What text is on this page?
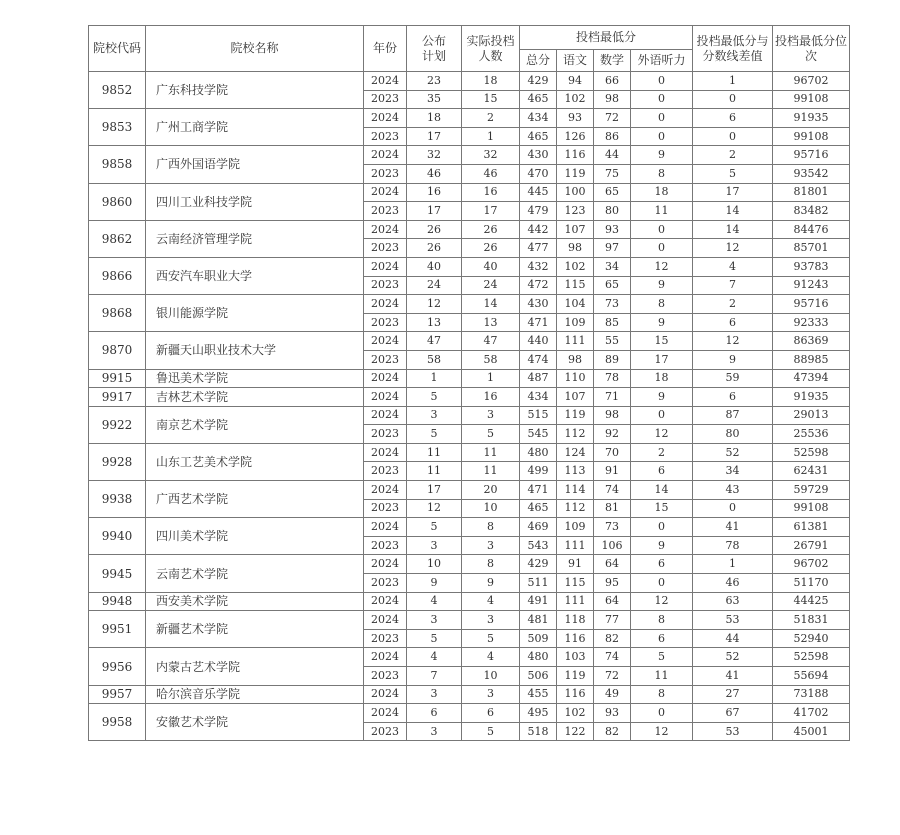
院校代码	院校名称	年份	公布计划	实际投档人数	投档最低分				投档最低分与分数线差值	投档最低分位次

					总分	语文	数学	外语听力		
9852	广东科技学院	2024	23	18	429	94	66	0	1	96702
		2023	35	15	465	102	98	0	0	99108
9853	广州工商学院	2024	18	2	434	93	72	0	6	91935
		2023	17	1	465	126	86	0	0	99108
9858	广西外国语学院	2024	32	32	430	116	44	9	2	95716
		2023	46	46	470	119	75	8	5	93542
9860	四川工业科技学院	2024	16	16	445	100	65	18	17	81801
		2023	17	17	479	123	80	11	14	83482
9862	云南经济管理学院	2024	26	26	442	107	93	0	14	84476
		2023	26	26	477	98	97	0	12	85701
9866	西安汽车职业大学	2024	40	40	432	102	34	12	4	93783
		2023	24	24	472	115	65	9	7	91243
9868	银川能源学院	2024	12	14	430	104	73	8	2	95716
		2023	13	13	471	109	85	9	6	92333
9870	新疆天山职业技术大学	2024	47	47	440	111	55	15	12	86369
		2023	58	58	474	98	89	17	9	88985
9915	鲁迅美术学院	2024	1	1	487	110	78	18	59	47394
9917	吉林艺术学院	2024	5	16	434	107	71	9	6	91935
9922	南京艺术学院	2024	3	3	515	119	98	0	87	29013
		2023	5	5	545	112	92	12	80	25536
9928	山东工艺美术学院	2024	11	11	480	124	70	2	52	52598
		2023	11	11	499	113	91	6	34	62431
9938	广西艺术学院	2024	17	20	471	114	74	14	43	59729
		2023	12	10	465	112	81	15	0	99108
9940	四川美术学院	2024	5	8	469	109	73	0	41	61381
		2023	3	3	543	111	106	9	78	26791
9945	云南艺术学院	2024	10	8	429	91	64	6	1	96702
		2023	9	9	511	115	95	0	46	51170
9948	西安美术学院	2024	4	4	491	111	64	12	63	44425
9951	新疆艺术学院	2024	3	3	481	118	77	8	53	51831
		2023	5	5	509	116	82	6	44	52940
9956	内蒙古艺术学院	2024	4	4	480	103	74	5	52	52598
		2023	7	10	506	119	72	11	41	55694
9957	哈尔滨音乐学院	2024	3	3	455	116	49	8	27	73188
9958	安徽艺术学院	2024	6	6	495	102	93	0	67	41702
		2023	3	5	518	122	82	12	53	45001
